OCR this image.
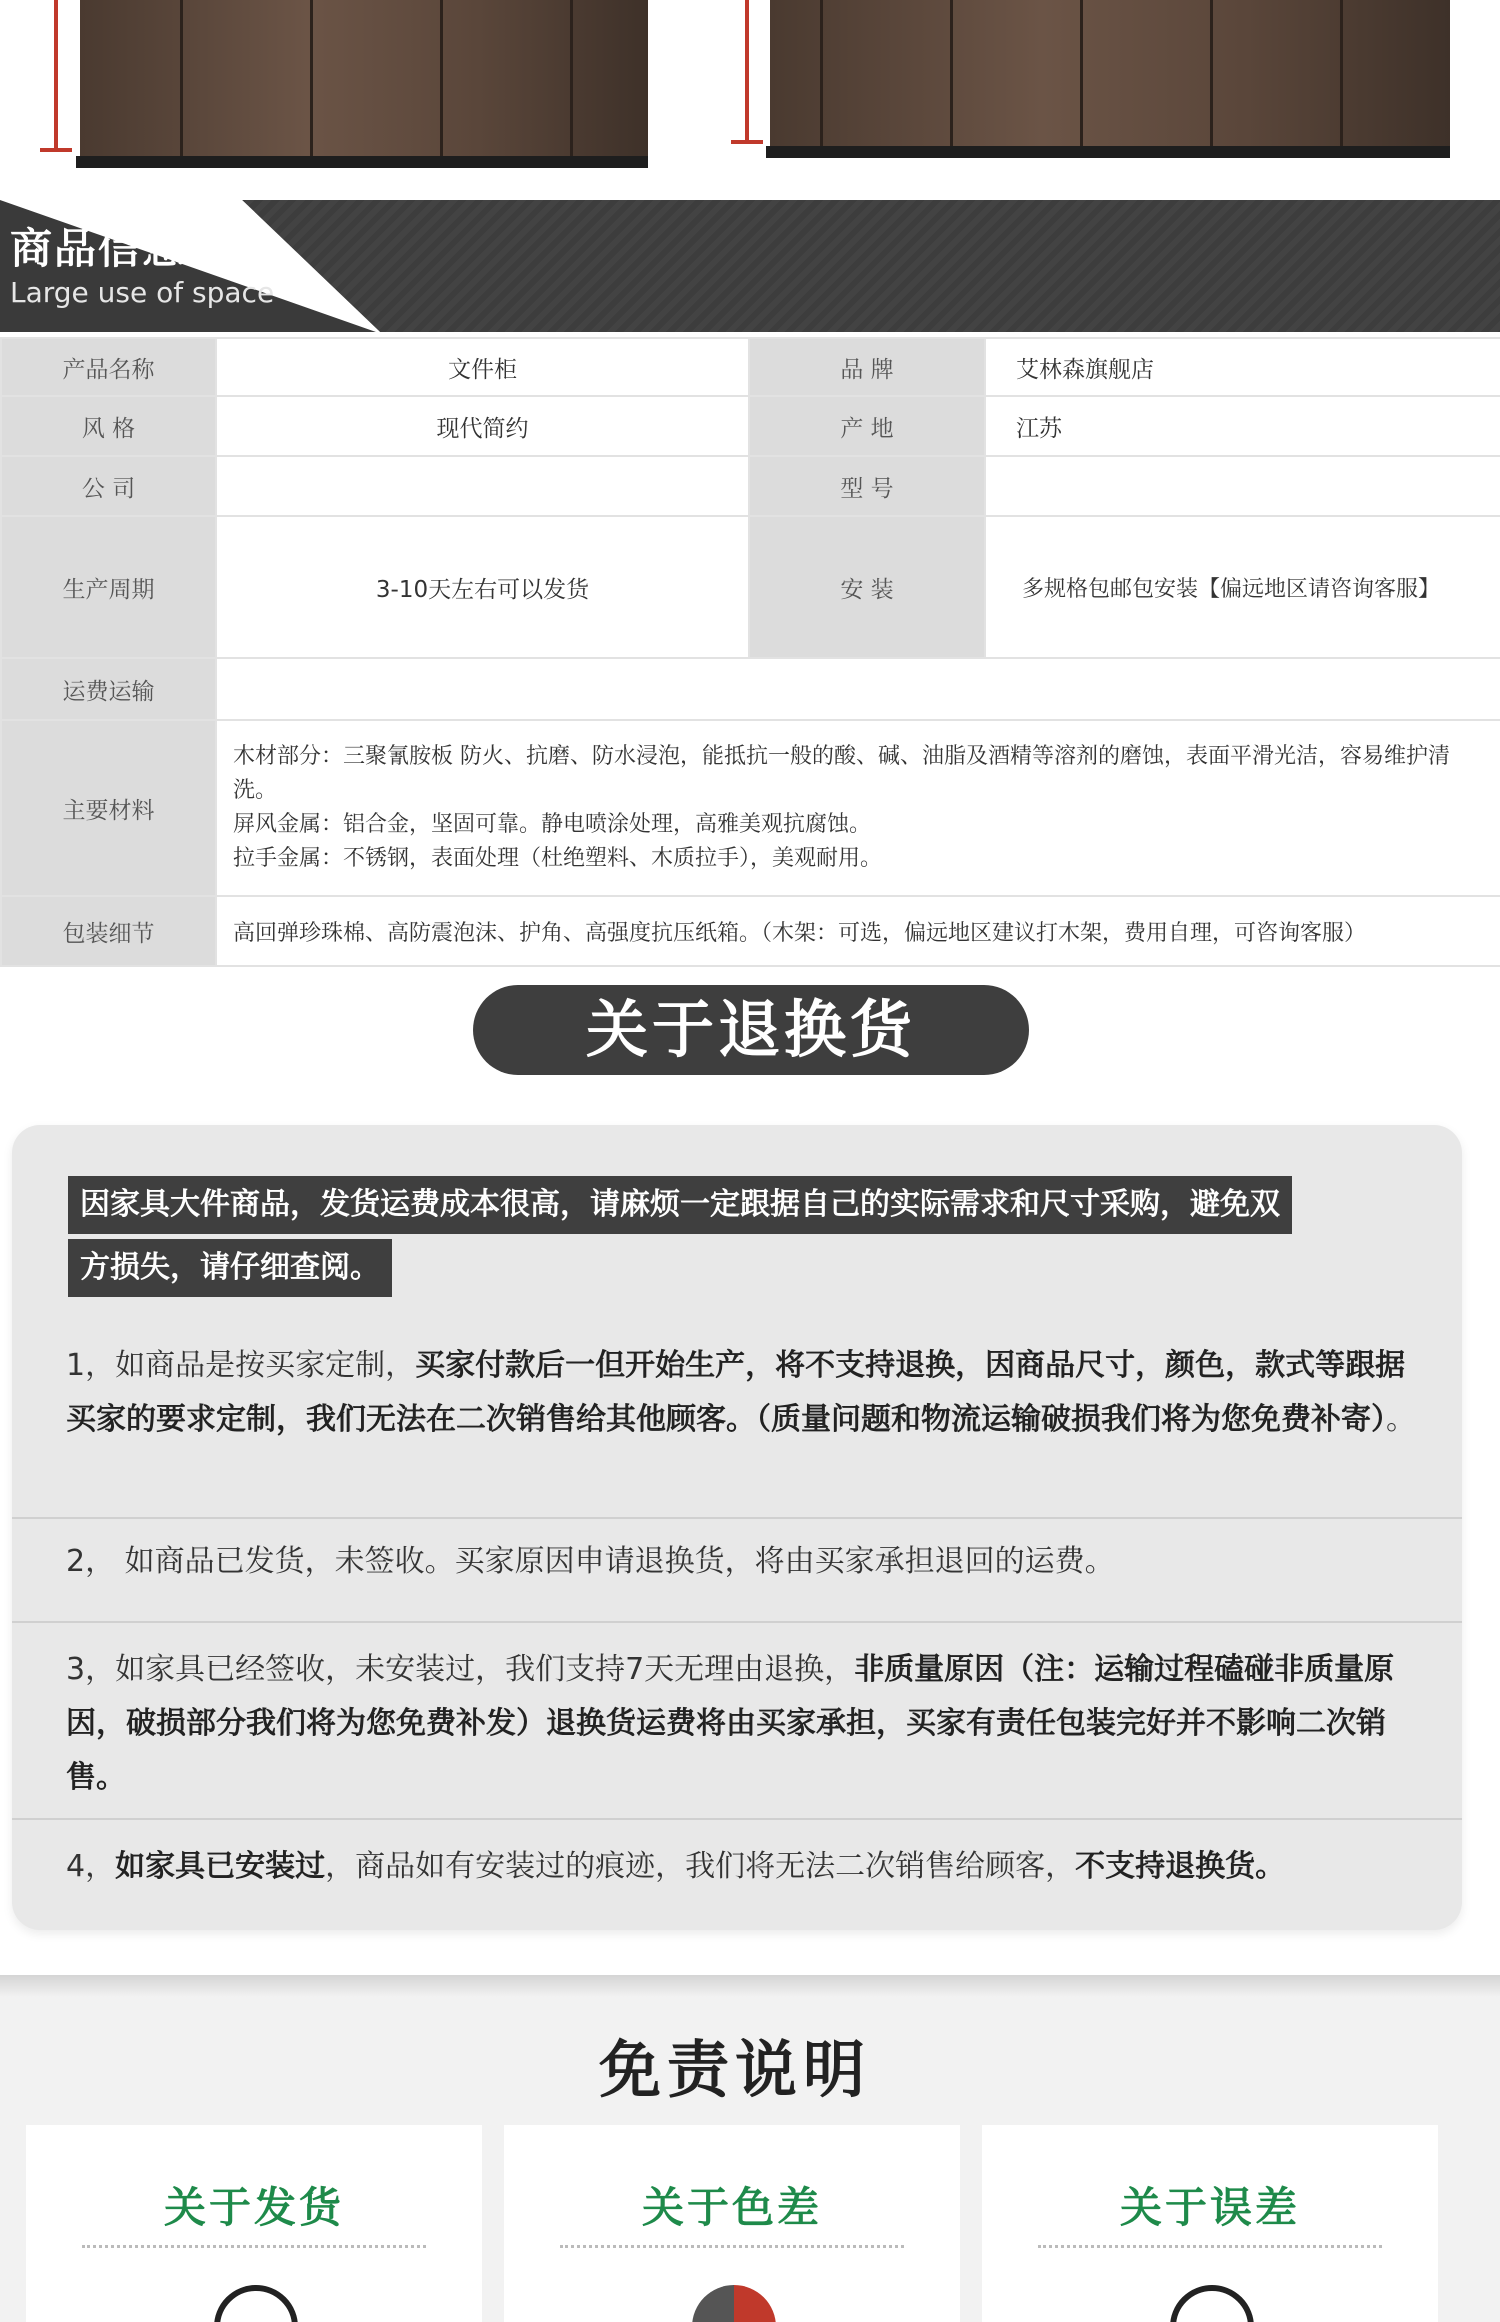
商品信息:
Large use of space
产品名称	文件柜	品 牌	艾林森旗舰店
风 格	现代简约	产 地	江苏
公 司		型 号	
生产周期	3-10天左右可以发货	安 装	多规格包邮包安装【偏远地区请咨询客服】
运费运输			
主要材料	木材部分：三聚氰胺板 防火、抗磨、防水浸泡，能抵抗一般的酸、碱、油脂及酒精等溶剂的磨蚀，表面平滑光洁，容易维护清洗。
屏风金属：铝合金，坚固可靠。静电喷涂处理，高雅美观抗腐蚀。
拉手金属：不锈钢，表面处理（杜绝塑料、木质拉手），美观耐用。		

包装细节	高回弹珍珠棉、高防震泡沫、护角、高强度抗压纸箱。（木架：可选，偏远地区建议打木架，费用自理，可咨询客服）		
关于退换货
因家具大件商品，发货运费成本很高，请麻烦一定跟据自己的实际需求和尺寸采购，避免双
方损失，请仔细查阅。
1，如商品是按买家定制，买家付款后一但开始生产，将不支持退换，因商品尺寸，颜色，款式等跟据买家的要求定制，我们无法在二次销售给其他顾客。（质量问题和物流运输破损我们将为您免费补寄）。
2， 如商品已发货，未签收。买家原因申请退换货，将由买家承担退回的运费。
3，如家具已经签收，未安装过，我们支持7天无理由退换，非质量原因（注：运输过程磕碰非质量原因，破损部分我们将为您免费补发）退换货运费将由买家承担，买家有责任包装完好并不影响二次销售。
4，如家具已安装过，商品如有安装过的痕迹，我们将无法二次销售给顾客，不支持退换货。
免责说明
关于发货	关于色差	关于误差
